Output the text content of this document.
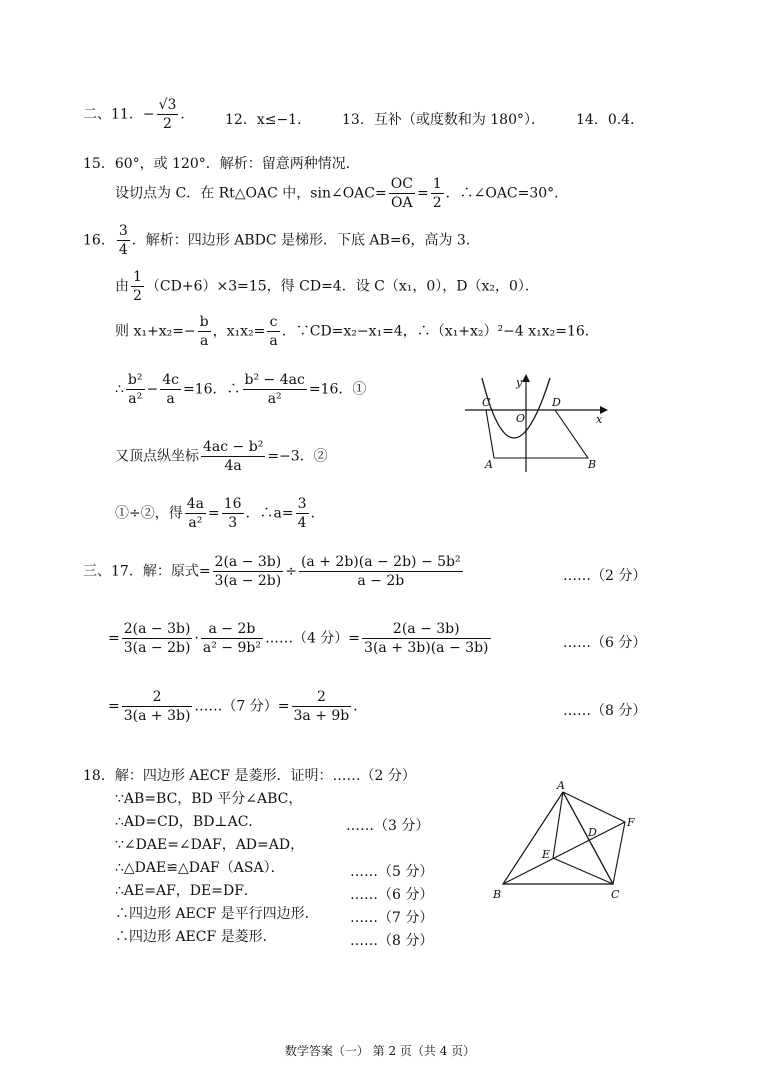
二、11．− $\frac{√3}{2}$ ． 12．x≤−1． 13．互补（或度数和为 180°）． 14．0.4．
15．60°，或 120°．解析：留意两种情况．
设切点为 C．在 Rt△OAC 中，sin∠OAC= $\frac{OC}{OA} = \frac{1}{2}$ ．∴∠OAC=30°．
16． $\frac{3}{4}$ ．解析：四边形 ABDC 是梯形．下底 AB=6，高为 3．
由 $\frac{1}{2} (CD+6)\times 3=15$，得 CD=4．设 C（x₁，0），D（x₂，0）．
则 $x_1+x_2=- \frac{b}{a}$ ，$x_1x_2= \frac{c}{a}$ ．∵CD=x₂−x₁=4，∴（x₁+x₂）²−4 x₁x₂=16．
∴ $\frac{\text{b²}}{\text{a²}} - \frac{4c}{a} =16$．∴ $\frac{\text{b² − 4ac}}{\text{a²}} =16$．①
又顶点纵坐标 $\frac{\text{4ac − b²}}{4a} =-3$．②
①÷②，得 $\frac{4a}{\text{a²}} = \frac{16}{3}$ ．∴a= $\frac{3}{4}$ ．
y
x
C
O
D
A	B
三、17．解：原式= $\frac{2(a - 3b)}{3(a - 2b)} \div \frac{\text{(a + 2b)(a − 2b) − 5b²}}{a - 2b}$	……（2 分）
= $\frac{2(a - 3b)}{3(a - 2b)} \cdot \frac{a - 2b}{\text{a² − 9b²}}$ ……（4 分）= $\frac{2(a - 3b)}{3(a + 3b)(a - 3b)}$	……（6 分）
= $\frac{2}{3(a + 3b)}$ ……（7 分）= $\frac{2}{3a + 9b}$ ．	……（8 分）
18．解：四边形 AECF 是菱形．证明：……（2 分）
∵AB=BC，BD 平分∠ABC，
∴AD=CD，BD⊥AC．
∵∠DAE=∠DAF，AD=AD，
∴△DAE≌△DAF（ASA）．
∴AE=AF，DE=DF．
∴四边形 AECF 是平行四边形．
∴四边形 AECF 是菱形．
……（3 分）
……（5 分）
……（6 分）
……（7 分）
……（8 分）
A
F
D
E
B	C
数学答案（一） 第 2 页（共 4 页）
